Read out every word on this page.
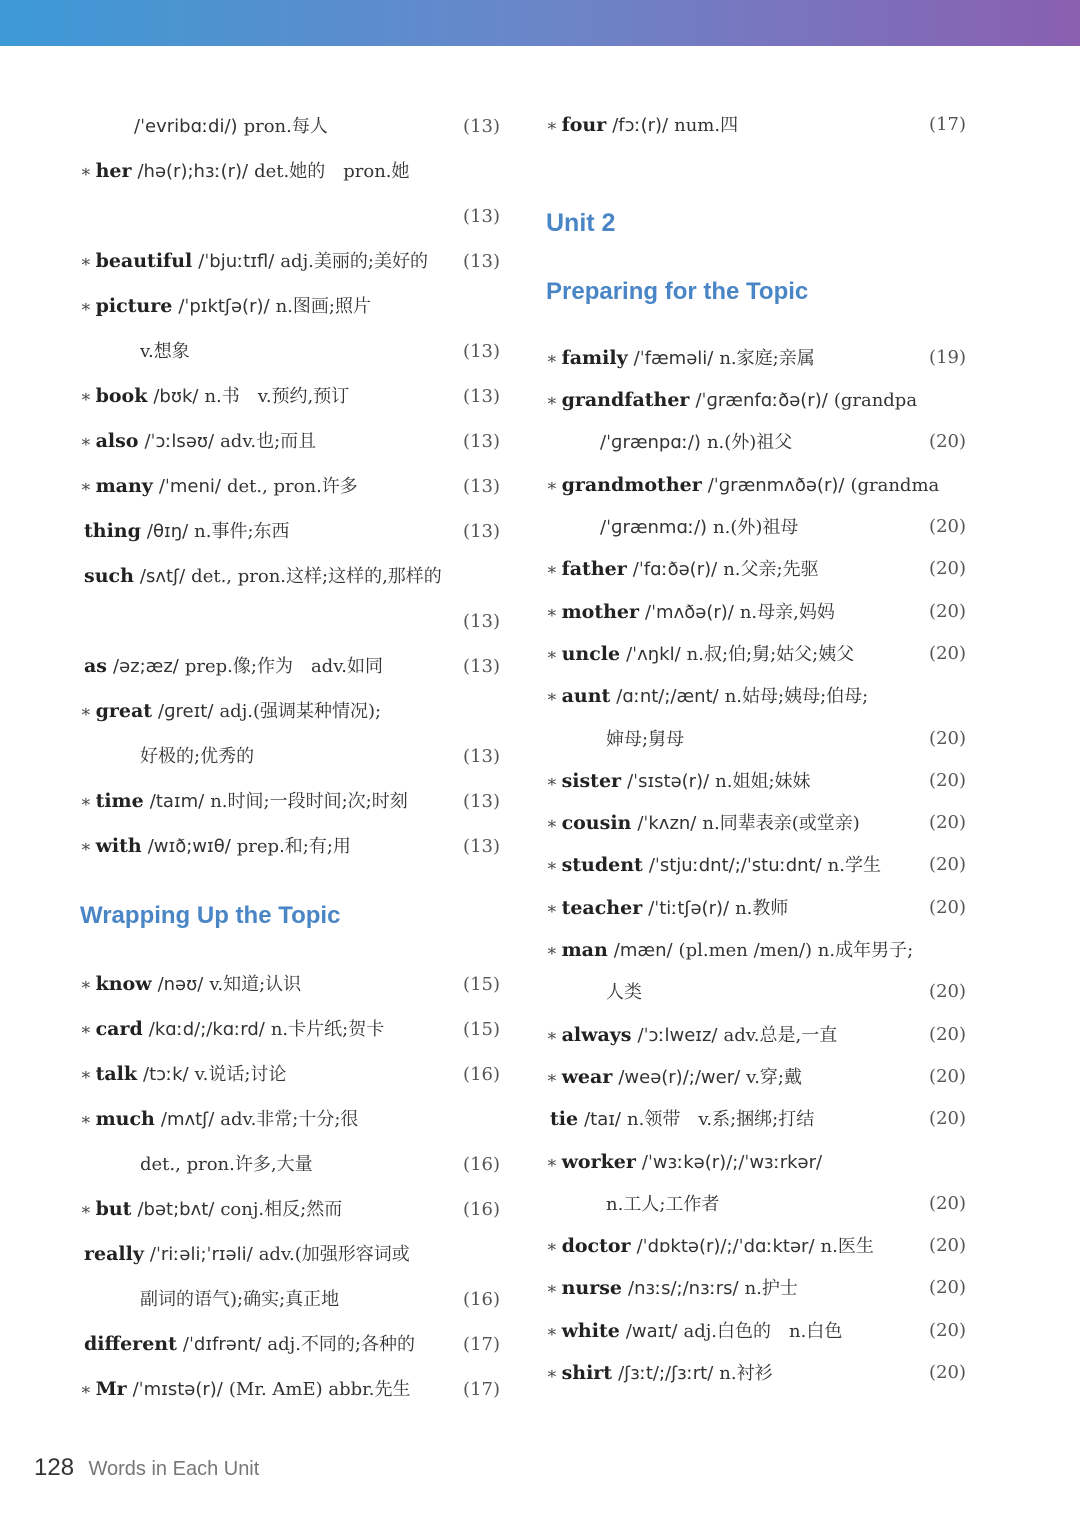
/ˈevribɑːdi/) pron.每人	(13)
∗ her /hə(r);hɜː(r)/ det.她的　pron.她
(13)
∗ beautiful /ˈbjuːtɪfl/ adj.美丽的;美好的 (13)
∗ picture /ˈpɪktʃə(r)/ n.图画;照片
v.想象	(13)
∗ book /bʊk/ n.书　v.预约,预订	(13)
∗ also /ˈɔːlsəʊ/ adv.也;而且	(13)
∗ many /ˈmeni/ det., pron.许多	(13)
thing /θɪŋ/ n.事件;东西	(13)
such /sʌtʃ/ det., pron.这样;这样的,那样的
(13)
as /əz;æz/ prep.像;作为　adv.如同	(13)
∗ great /ɡreɪt/ adj.(强调某种情况);
好极的;优秀的	(13)
∗ time /taɪm/ n.时间;一段时间;次;时刻	(13)
∗ with /wɪð;wɪθ/ prep.和;有;用	(13)
Wrapping Up the Topic
∗ know /nəʊ/ v.知道;认识	(15)
∗ card /kɑːd/;/kɑːrd/ n.卡片纸;贺卡	(15)
∗ talk /tɔːk/ v.说话;讨论	(16)
∗ much /mʌtʃ/ adv.非常;十分;很
det., pron.许多,大量	(16)
∗ but /bət;bʌt/ conj.相反;然而	(16)
really /ˈriːəli;ˈrɪəli/ adv.(加强形容词或
副词的语气);确实;真正地	(16)
different /ˈdɪfrənt/ adj.不同的;各种的	(17)
∗ Mr /ˈmɪstə(r)/ (Mr. AmE) abbr.先生	(17)
∗ four /fɔː(r)/ num.四	(17)
Unit 2
Preparing for the Topic
∗ family /ˈfæməli/ n.家庭;亲属	(19)
∗ grandfather /ˈɡrænfɑːðə(r)/ (grandpa
/ˈɡrænpɑː/) n.(外)祖父	(20)
∗ grandmother /ˈɡrænmʌðə(r)/ (grandma
/ˈɡrænmɑː/) n.(外)祖母	(20)
∗ father /ˈfɑːðə(r)/ n.父亲;先驱	(20)
∗ mother /ˈmʌðə(r)/ n.母亲,妈妈	(20)
∗ uncle /ˈʌŋkl/ n.叔;伯;舅;姑父;姨父	(20)
∗ aunt /ɑːnt/;/ænt/ n.姑母;姨母;伯母;
婶母;舅母	(20)
∗ sister /ˈsɪstə(r)/ n.姐姐;妹妹	(20)
∗ cousin /ˈkʌzn/ n.同辈表亲(或堂亲)	(20)
∗ student /ˈstjuːdnt/;/ˈstuːdnt/ n.学生	(20)
∗ teacher /ˈtiːtʃə(r)/ n.教师	(20)
∗ man /mæn/ (pl.men /men/) n.成年男子;
人类	(20)
∗ always /ˈɔːlweɪz/ adv.总是,一直	(20)
∗ wear /weə(r)/;/wer/ v.穿;戴	(20)
tie /taɪ/ n.领带　v.系;捆绑;打结	(20)
∗ worker /ˈwɜːkə(r)/;/ˈwɜːrkər/
n.工人;工作者	(20)
∗ doctor /ˈdɒktə(r)/;/ˈdɑːktər/ n.医生	(20)
∗ nurse /nɜːs/;/nɜːrs/ n.护士	(20)
∗ white /waɪt/ adj.白色的　n.白色	(20)
∗ shirt /ʃɜːt/;/ʃɜːrt/ n.衬衫	(20)
128 Words in Each Unit
